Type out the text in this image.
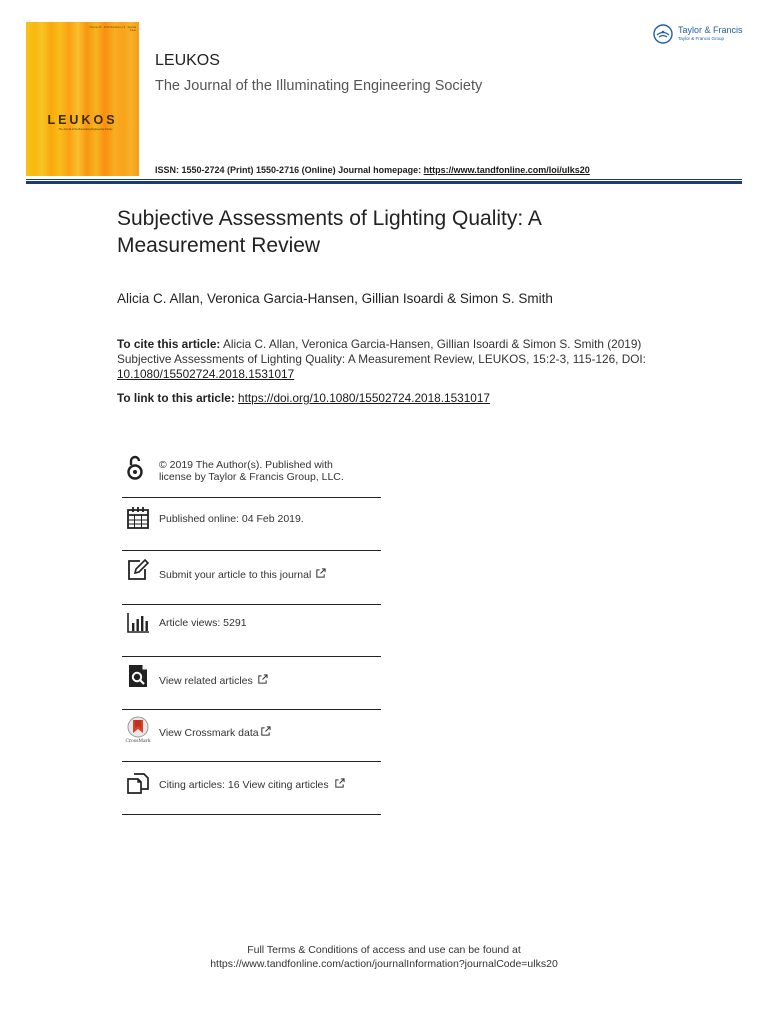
Volume 15 · 2019 Numbers 2-3 · Special Issue
LEUKOS
The Journal of the Illuminating Engineering Society
LEUKOS
The Journal of the Illuminating Engineering Society
Taylor & Francis
Taylor & Francis Group
ISSN: 1550-2724 (Print) 1550-2716 (Online) Journal homepage: https://www.tandfonline.com/loi/ulks20
Subjective Assessments of Lighting Quality: A Measurement Review
Alicia C. Allan, Veronica Garcia-Hansen, Gillian Isoardi & Simon S. Smith
To cite this article: Alicia C. Allan, Veronica Garcia-Hansen, Gillian Isoardi & Simon S. Smith (2019) Subjective Assessments of Lighting Quality: A Measurement Review, LEUKOS, 15:2-3, 115-126, DOI: 10.1080/15502724.2018.1531017
To link to this article: https://doi.org/10.1080/15502724.2018.1531017
© 2019 The Author(s). Published with
license by Taylor & Francis Group, LLC.
Published online: 04 Feb 2019.
Submit your article to this journal
Article views: 5291
View related articles
CrossMark
View Crossmark data
Citing articles: 16 View citing articles
Full Terms & Conditions of access and use can be found at
https://www.tandfonline.com/action/journalInformation?journalCode=ulks20
